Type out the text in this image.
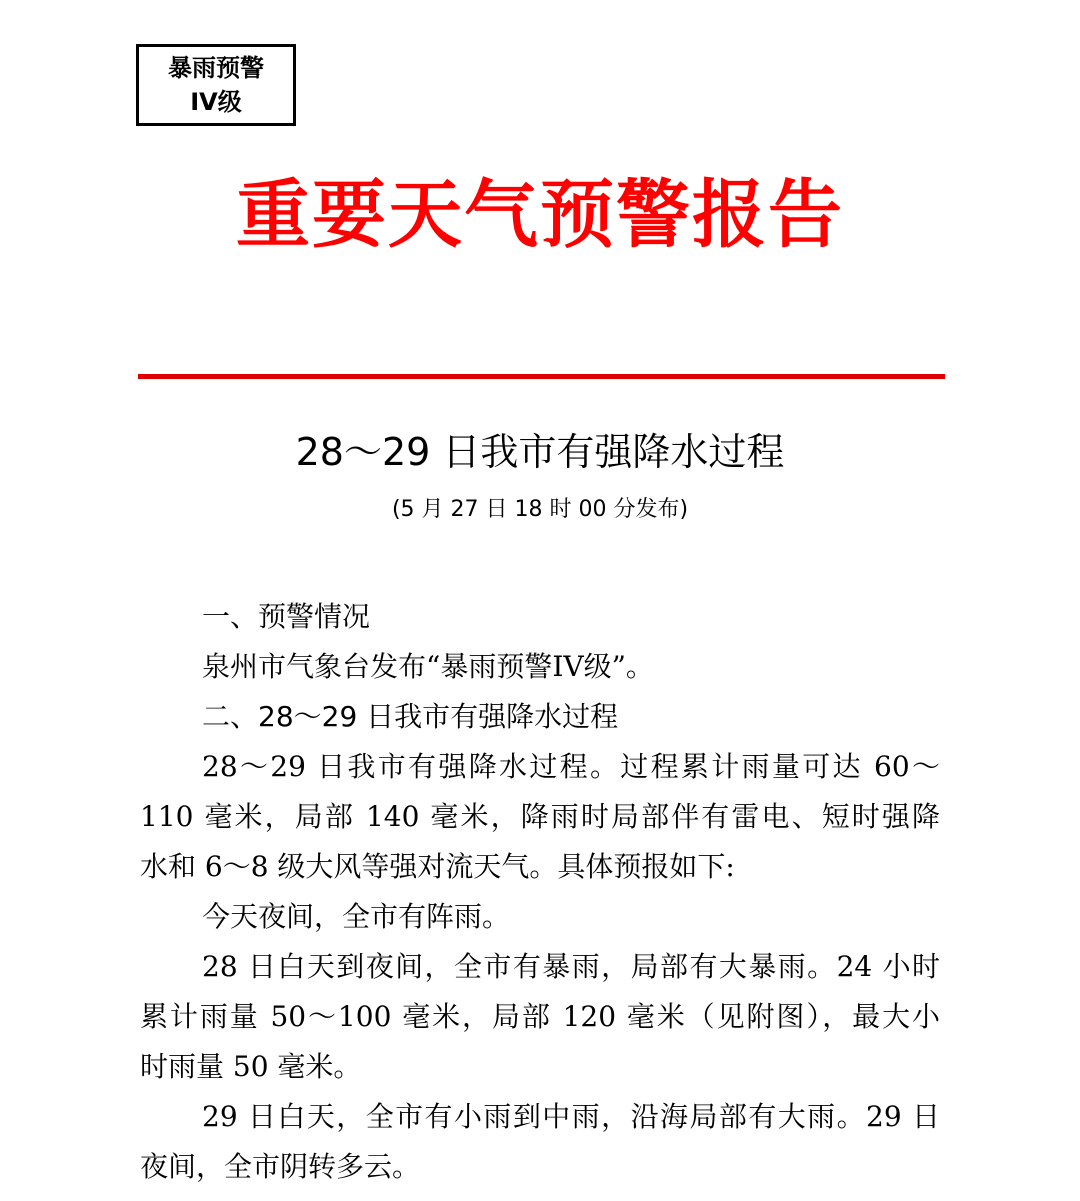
暴雨预警
IV级
重要天气预警报告
28～29 日我市有强降水过程
(5 月 27 日 18 时 00 分发布)
一、预警情况
泉州市气象台发布“暴雨预警IV级”。
二、28～29 日我市有强降水过程
28～29 日我市有强降水过程。过程累计雨量可达 60～
110 毫米，局部 140 毫米，降雨时局部伴有雷电、短时强降
水和 6～8 级大风等强对流天气。具体预报如下:
今天夜间，全市有阵雨。
28 日白天到夜间，全市有暴雨，局部有大暴雨。24 小时
累计雨量 50～100 毫米，局部 120 毫米（见附图），最大小
时雨量 50 毫米。
29 日白天，全市有小雨到中雨，沿海局部有大雨。29 日
夜间，全市阴转多云。
